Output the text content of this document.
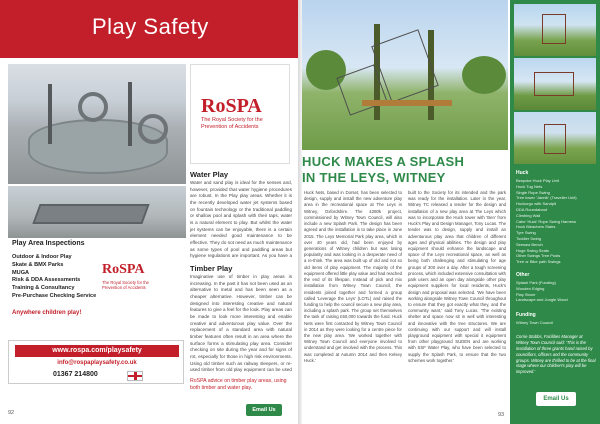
Play Safety
RoSPA
The Royal Society for the Prevention of Accidents
Water Play
Water and sand play is ideal for the senses and, however, provided that water hygiene procedures are robust. In the Play play areas. Whether it is the recently developed water jet systems based on fountain technology or the traditional paddling or shallow pool and splash with their taps, water is a natural element to play. But whilst the water jet systems can be enjoyable, there is a certain element needed good maintenance to be effective. They do not need as much maintenance as some types of pool and paddling areas but hygiene regulations are important. As you have a
Play Area Inspections
Outdoor & Indoor Play
Skate & BMX Parks
MUGA
Risk & DDA Assessments
Training & Consultancy
Pre-Purchase Checking Service
Anywhere children play!
RoSPA
The Royal Society for the Prevention of Accidents
Timber Play
Imaginative use of timber in play areas is increasing. In the past it has not been used as an alternative to metal and has been seen as a cheaper alternative. However, timber can be designed into interesting creative and natural features to give a feel for the look. Play areas can be made to look more interesting and enable creative and adventurous play value. Over the replacement of a standard area with natural timber features often result in an area where the surface forms a stimulating play area. Consider checking on site during the year and for signs of rot, especially for those in high risk environments. Using old timber such as railway sleepers, or re-used timber from old play equipment can be used
RoSPA advice on timber play areas, using both timber and water play.
www.rospa.com/playsafety
info@rospaplaysafety.co.uk
01367 214800
Email Us
92
HUCK MAKES A SPLASH
IN THE LEYS, WITNEY
Huck Nets, based in Dorset, has been selected to design, supply and install the new adventure play area in the recreational space at The Leys in Witney, Oxfordshire. The £280k project, commissioned by Witney Town Council, will also include a new Splash Park. The design has been agreed and the installation is to take place in June 2015. The Leys Memorial Park play area, which is over 40 years old, had been enjoyed by generations of Witney children but was losing popularity and was looking in a desperate need of a re-think. The area was built up of old and not so old items of play equipment. The majority of the equipment offered little play value and had reached the end of its lifespan. Instead of pick and mix installation from Witney Town Council, the residents joined together and formed a group called 'Leverage the Leys' (LOTL) and raised the funding to help the council secure a new play area, including a splash park. The group set themselves the task of raising £50,000 towards the fund. Huck Nets were first contacted by Witney Town Council in 2014 as they were looking for a centre piece for the new play area. 'We worked together with Witney Town Council and everyone involved to understand and get involved with the process. This was completed at Autumn 2014 and then Kelsey Huck.'
built to the Society for its intended and the park was ready for the installation. Later in the year, Witney TC released a tender for the design and installation of a new play area at The Leys which was to incorporate the Huck tower with 'Ben' from Huck's Play and Design Manager, Tony Lucas. The tender was to design, supply and install an adventurous play area that children of different ages and physical abilities. The design and play equipment should enhance the landscape and space of the Leys recreational space, as well as being both challenging and stimulating for age groups of 300 over a day. After a tough screening process, which included extensive consultation with park users and an open day alongside other play equipment suppliers for local residents, Huck's design and proposal was selected. 'We have been working alongside Witney Town Council throughout to ensure that they got exactly what they, and the community want,' said Tony Lucas. 'The existing shelter and space now sit in well with interesting and innovative with the tree structures. We are continuing with our support and will install playground equipment with special it equipment from other playground SUDEN and are working with SSF Water Play, who have been selected to supply the Splash Park, to ensure that the two schemes work together.'
Huck
Bespoke Huck Play Unit
Huck Tug Nets
Single Rope Swing
Tree tower 'Jannik' (Traveller Unit)
Huckorgo with Sandpit
DDA Roundabout
Climbing Wall
Cabe 'Huck' Rope Swing Harness
Huck Bleachers Stairs
Tyre Swing
Toddler Swing
Seesaw Bench
Huge Swing Seats
Other Swings Tree Posts
Tree or Bike path Swings
Other
Splash Park (Funding)
Wooden Edging
Play Stone
Landscape and Jungle Wood
Funding
Witney Town Council
Corrie Stubbs, Facilities Manager at Witney Town Council said: 'This is the installation of three grants hand raised by councillors, officers and the community groups. Witney are thrilled to be at the final stage where our children's play will be improved.'
Email Us
93
